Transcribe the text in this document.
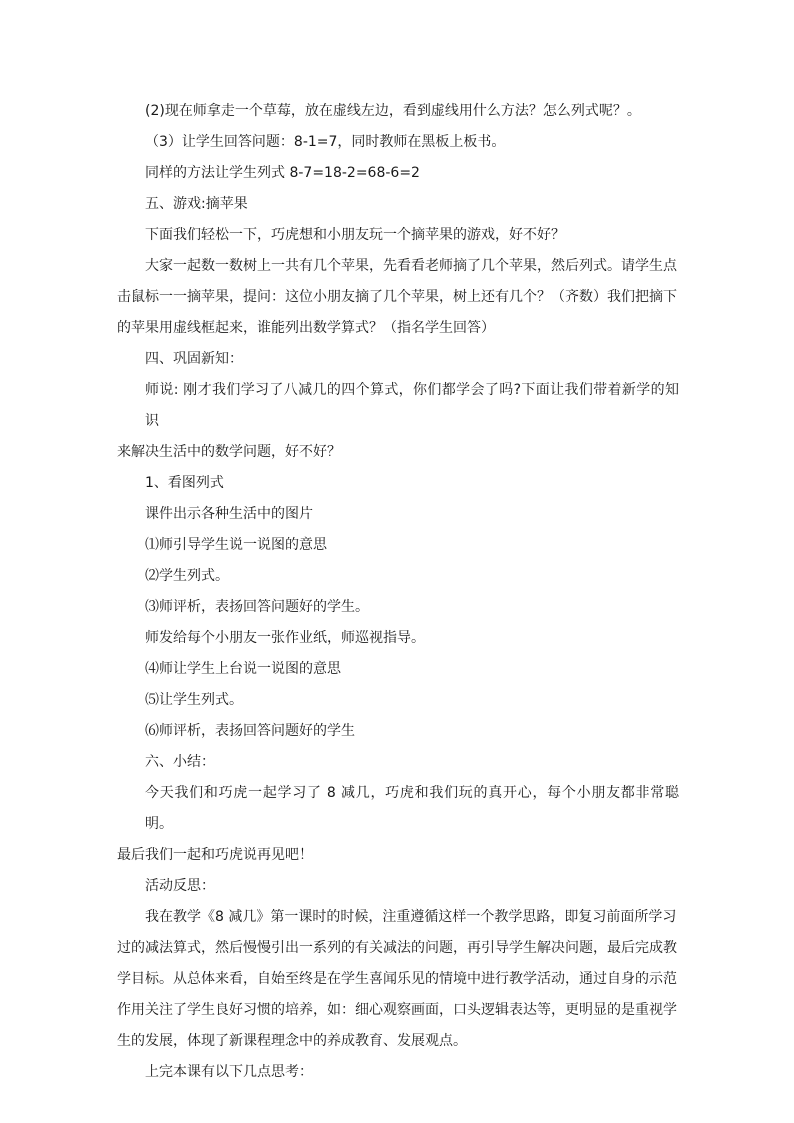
(2)现在师拿走一个草莓，放在虚线左边，看到虚线用什么方法？怎么列式呢？。

（3）让学生回答问题：8-1=7，同时教师在黑板上板书。

同样的方法让学生列式 8-7=18-2=68-6=2

五、游戏:摘苹果

下面我们轻松一下，巧虎想和小朋友玩一个摘苹果的游戏，好不好？

大家一起数一数树上一共有几个苹果，先看看老师摘了几个苹果，然后列式。请学生点
击鼠标一一摘苹果，提问：这位小朋友摘了几个苹果，树上还有几个？（齐数）我们把摘下
的苹果用虚线框起来，谁能列出数学算式？（指名学生回答）

四、巩固新知：

师说: 刚才我们学习了八减几的四个算式，你们都学会了吗?下面让我们带着新学的知识
来解决生活中的数学问题，好不好？

1、看图列式

课件出示各种生活中的图片

⑴师引导学生说一说图的意思

⑵学生列式。

⑶师评析，表扬回答问题好的学生。

师发给每个小朋友一张作业纸，师巡视指导。

⑷师让学生上台说一说图的意思

⑸让学生列式。

⑹师评析，表扬回答问题好的学生

六、小结：

今天我们和巧虎一起学习了 8 减几，巧虎和我们玩的真开心，每个小朋友都非常聪明。
最后我们一起和巧虎说再见吧！

活动反思：

我在教学《8 减几》第一课时的时候，注重遵循这样一个教学思路，即复习前面所学习
过的减法算式，然后慢慢引出一系列的有关减法的问题，再引导学生解决问题，最后完成教
学目标。从总体来看，自始至终是在学生喜闻乐见的情境中进行教学活动，通过自身的示范
作用关注了学生良好习惯的培养，如：细心观察画面，口头逻辑表达等，更明显的是重视学
生的发展，体现了新课程理念中的养成教育、发展观点。

上完本课有以下几点思考：
